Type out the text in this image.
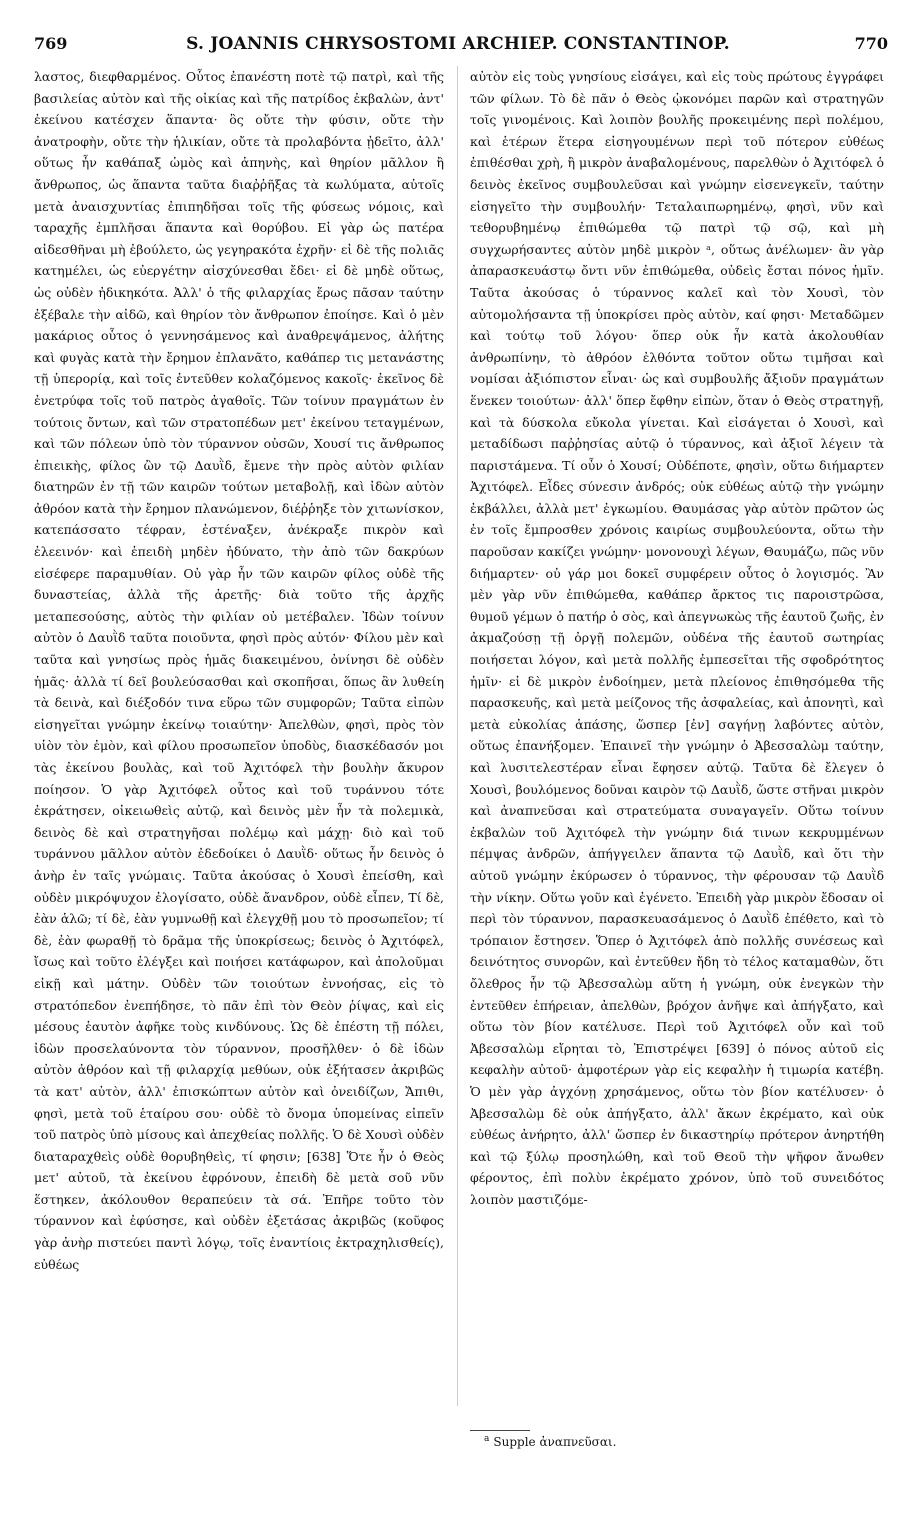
769	S. JOANNIS CHRYSOSTOMI ARCHIEP. CONSTANTINOP.	770

λαστος, διεφθαρμένος. Οὗτος ἐπανέστη ποτὲ τῷ πατρὶ, καὶ τῆς βασιλείας αὐτὸν καὶ τῆς οἰκίας καὶ τῆς πατρίδος ἐκβαλὼν, ἀντ' ἐκείνου κατέσχεν ἅπαντα· ὃς οὔτε τὴν φύσιν, οὔτε τὴν ἀνατροφὴν, οὔτε τὴν ἡλικίαν, οὔτε τὰ προλαβόντα ᾐδεῖτο, ἀλλ' οὕτως ἦν καθάπαξ ὠμὸς καὶ ἀπηνὴς, καὶ θηρίον μᾶλλον ἢ ἄνθρωπος, ὡς ἅπαντα ταῦτα διαῤῥῆξας τὰ κωλύματα, αὐτοῖς μετὰ ἀναισχυντίας ἐπιπηδῆσαι τοῖς τῆς φύσεως νόμοις, καὶ ταραχῆς ἐμπλῆσαι ἅπαντα καὶ θορύβου. Εἰ γὰρ ὡς πατέρα αἰδεσθῆναι μὴ ἐβούλετο, ὡς γεγηρακότα ἐχρῆν· εἰ δὲ τῆς πολιᾶς κατημέλει, ὡς εὐεργέτην αἰσχύνεσθαι ἔδει· εἰ δὲ μηδὲ οὕτως, ὡς οὐδὲν ἠδικηκότα. Ἀλλ' ὁ τῆς φιλαρχίας ἔρως πᾶσαν ταύτην ἐξέβαλε τὴν αἰδῶ, καὶ θηρίον τὸν ἄνθρωπον ἐποίησε. Καὶ ὁ μὲν μακάριος οὗτος ὁ γεννησάμενος καὶ ἀναθρεψάμενος, ἀλήτης καὶ φυγὰς κατὰ τὴν ἔρημον ἐπλανᾶτο, καθάπερ τις μετανάστης τῇ ὑπερορίᾳ, καὶ τοῖς ἐντεῦθεν κολαζόμενος κακοῖς· ἐκεῖνος δὲ ἐνετρύφα τοῖς τοῦ πατρὸς ἀγαθοῖς. Τῶν τοίνυν πραγμάτων ἐν τούτοις ὄντων, καὶ τῶν στρατοπέδων μετ' ἐκείνου τεταγμένων, καὶ τῶν πόλεων ὑπὸ τὸν τύραννον οὐσῶν, Χουσί τις ἄνθρωπος ἐπιεικὴς, φίλος ὢν τῷ Δαυῒδ, ἔμενε τὴν πρὸς αὐτὸν φιλίαν διατηρῶν ἐν τῇ τῶν καιρῶν τούτων μεταβολῇ, καὶ ἰδὼν αὐτὸν ἀθρόον κατὰ τὴν ἔρημον πλανώμενον, διέῤῥηξε τὸν χιτωνίσκον, κατεπάσσατο τέφραν, ἐστέναξεν, ἀνέκραξε πικρὸν καὶ ἐλεεινόν· καὶ ἐπειδὴ μηδὲν ἠδύνατο, τὴν ἀπὸ τῶν δακρύων εἰσέφερε παραμυθίαν. Οὐ γὰρ ἦν τῶν καιρῶν φίλος οὐδὲ τῆς δυναστείας, ἀλλὰ τῆς ἀρετῆς· διὰ τοῦτο τῆς ἀρχῆς μεταπεσούσης, αὐτὸς τὴν φιλίαν οὐ μετέβαλεν. Ἰδὼν τοίνυν αὐτὸν ὁ Δαυῒδ ταῦτα ποιοῦντα, φησὶ πρὸς αὐτόν· Φίλου μὲν καὶ ταῦτα καὶ γνησίως πρὸς ἡμᾶς διακειμένου, ὀνίνησι δὲ οὐδὲν ἡμᾶς· ἀλλὰ τί δεῖ βουλεύσασθαι καὶ σκοπῆσαι, ὅπως ἂν λυθείη τὰ δεινὰ, καὶ διέξοδόν τινα εὕρω τῶν συμφορῶν; Ταῦτα εἰπὼν εἰσηγεῖται γνώμην ἐκείνῳ τοιαύτην· Ἀπελθὼν, φησὶ, πρὸς τὸν υἱὸν τὸν ἐμὸν, καὶ φίλου προσωπεῖον ὑποδὺς, διασκέδασόν μοι τὰς ἐκείνου βουλὰς, καὶ τοῦ Ἀχιτόφελ τὴν βουλὴν ἄκυρον ποίησον. Ὁ γὰρ Ἀχιτόφελ οὗτος καὶ τοῦ τυράννου τότε ἐκράτησεν, οἰκειωθεὶς αὐτῷ, καὶ δεινὸς μὲν ἦν τὰ πολεμικὰ, δεινὸς δὲ καὶ στρατηγῆσαι πολέμῳ καὶ μάχῃ· διὸ καὶ τοῦ τυράννου μᾶλλον αὐτὸν ἐδεδοίκει ὁ Δαυῒδ· οὕτως ἦν δεινὸς ὁ ἀνὴρ ἐν ταῖς γνώμαις. Ταῦτα ἀκούσας ὁ Χουσὶ ἐπείσθη, καὶ οὐδὲν μικρόψυχον ἐλογίσατο, οὐδὲ ἄνανδρον, οὐδὲ εἶπεν, Τί δὲ, ἐὰν ἁλῶ; τί δὲ, ἐὰν γυμνωθῇ καὶ ἐλεγχθῇ μου τὸ προσωπεῖον; τί δὲ, ἐὰν φωραθῇ τὸ δρᾶμα τῆς ὑποκρίσεως; δεινὸς ὁ Ἀχιτόφελ, ἴσως καὶ τοῦτο ἐλέγξει καὶ ποιήσει κατάφωρον, καὶ ἀπολοῦμαι εἰκῇ καὶ μάτην. Οὐδὲν τῶν τοιούτων ἐννοήσας, εἰς τὸ στρατόπεδον ἐνεπήδησε, τὸ πᾶν ἐπὶ τὸν Θεὸν ῥίψας, καὶ εἰς μέσους ἑαυτὸν ἀφῆκε τοὺς κινδύνους. Ὡς δὲ ἐπέστη τῇ πόλει, ἰδὼν προσελαύνοντα τὸν τύραννον, προσῆλθεν· ὁ δὲ ἰδὼν αὐτὸν ἀθρόον καὶ τῇ φιλαρχίᾳ μεθύων, οὐκ ἐξήτασεν ἀκριβῶς τὰ κατ' αὐτὸν, ἀλλ' ἐπισκώπτων αὐτὸν καὶ ὀνειδίζων, Ἄπιθι, φησὶ, μετὰ τοῦ ἑταίρου σου· οὐδὲ τὸ ὄνομα ὑπομείνας εἰπεῖν τοῦ πατρὸς ὑπὸ μίσους καὶ ἀπεχθείας πολλῆς. Ὁ δὲ Χουσὶ οὐδὲν διαταραχθεὶς οὐδὲ θορυβηθεὶς, τί φησιν; [638] Ὅτε ἦν ὁ Θεὸς μετ' αὐτοῦ, τὰ ἐκείνου ἐφρόνουν, ἐπειδὴ δὲ μετὰ σοῦ νῦν ἕστηκεν, ἀκόλουθον θεραπεύειν τὰ σά. Ἐπῆρε τοῦτο τὸν τύραννον καὶ ἐφύσησε, καὶ οὐδὲν ἐξετάσας ἀκριβῶς (κοῦφος γὰρ ἀνὴρ πιστεύει παντὶ λόγῳ, τοῖς ἐναντίοις ἐκτραχηλισθείς), εὐθέως

αὐτὸν εἰς τοὺς γνησίους εἰσάγει, καὶ εἰς τοὺς πρώτους ἐγγράφει τῶν φίλων. Τὸ δὲ πᾶν ὁ Θεὸς ᾠκονόμει παρῶν καὶ στρατηγῶν τοῖς γινομένοις. Καὶ λοιπὸν βουλῆς προκειμένης περὶ πολέμου, καὶ ἑτέρων ἕτερα εἰσηγουμένων περὶ τοῦ πότερον εὐθέως ἐπιθέσθαι χρὴ, ἢ μικρὸν ἀναβαλομένους, παρελθὼν ὁ Ἀχιτόφελ ὁ δεινὸς ἐκεῖνος συμβουλεῦσαι καὶ γνώμην εἰσενεγκεῖν, ταύτην εἰσηγεῖτο τὴν συμβουλήν· Τεταλαιπωρημένῳ, φησὶ, νῦν καὶ τεθορυβημένῳ ἐπιθώμεθα τῷ πατρὶ τῷ σῷ, καὶ μὴ συγχωρήσαντες αὐτὸν μηδὲ μικρὸν ᵃ, οὕτως ἀνέλωμεν· ἂν γὰρ ἀπαρασκευάστῳ ὄντι νῦν ἐπιθώμεθα, οὐδεὶς ἔσται πόνος ἡμῖν. Ταῦτα ἀκούσας ὁ τύραννος καλεῖ καὶ τὸν Χουσὶ, τὸν αὐτομολήσαντα τῇ ὑποκρίσει πρὸς αὐτὸν, καί φησι· Μεταδῶμεν καὶ τούτῳ τοῦ λόγου· ὅπερ οὐκ ἦν κατὰ ἀκολουθίαν ἀνθρωπίνην, τὸ ἀθρόον ἐλθόντα τοῦτον οὕτω τιμῆσαι καὶ νομίσαι ἀξιόπιστον εἶναι· ὡς καὶ συμβουλῆς ἄξιοῦν πραγμάτων ἕνεκεν τοιούτων· ἀλλ' ὅπερ ἔφθην εἰπὼν, ὅταν ὁ Θεὸς στρατηγῇ, καὶ τὰ δύσκολα εὔκολα γίνεται. Καὶ εἰσάγεται ὁ Χουσὶ, καὶ μεταδίδωσι παῤῥησίας αὐτῷ ὁ τύραννος, καὶ ἀξιοῖ λέγειν τὰ παριστάμενα. Τί οὖν ὁ Χουσί; Οὐδέποτε, φησὶν, οὕτω διήμαρτεν Ἀχιτόφελ. Εἶδες σύνεσιν ἀνδρός; οὐκ εὐθέως αὐτῷ τὴν γνώμην ἐκβάλλει, ἀλλὰ μετ' ἐγκωμίου. Θαυμάσας γὰρ αὐτὸν πρῶτον ὡς ἐν τοῖς ἔμπροσθεν χρόνοις καιρίως συμβουλεύοντα, οὕτω τὴν παροῦσαν κακίζει γνώμην· μονονουχὶ λέγων, Θαυμάζω, πῶς νῦν διήμαρτεν· οὐ γάρ μοι δοκεῖ συμφέρειν οὗτος ὁ λογισμός. Ἂν μὲν γὰρ νῦν ἐπιθώμεθα, καθάπερ ἄρκτος τις παροιστρῶσα, θυμοῦ γέμων ὁ πατήρ ὁ σὸς, καὶ ἀπεγνωκὼς τῆς ἑαυτοῦ ζωῆς, ἐν ἀκμαζούσῃ τῇ ὀργῇ πολεμῶν, οὐδένα τῆς ἑαυτοῦ σωτηρίας ποιήσεται λόγον, καὶ μετὰ πολλῆς ἐμπεσεῖται τῆς σφοδρότητος ἡμῖν· εἰ δὲ μικρὸν ἐνδοίημεν, μετὰ πλείονος ἐπιθησόμεθα τῆς παρασκευῆς, καὶ μετὰ μείζονος τῆς ἀσφαλείας, καὶ ἀπονητὶ, καὶ μετὰ εὐκολίας ἁπάσης, ὥσπερ [ἐν] σαγήνῃ λαβόντες αὐτὸν, οὕτως ἐπανήξομεν. Ἐπαινεῖ τὴν γνώμην ὁ Ἀβεσσαλὼμ ταύτην, καὶ λυσιτελεστέραν εἶναι ἔφησεν αὐτῷ. Ταῦτα δὲ ἔλεγεν ὁ Χουσὶ, βουλόμενος δοῦναι καιρὸν τῷ Δαυῒδ, ὥστε στῆναι μικρὸν καὶ ἀναπνεῦσαι καὶ στρατεύματα συναγαγεῖν. Οὕτω τοίνυν ἐκβαλὼν τοῦ Ἀχιτόφελ τὴν γνώμην διά τινων κεκρυμμένων πέμψας ἀνδρῶν, ἀπήγγειλεν ἅπαντα τῷ Δαυῒδ, καὶ ὅτι τὴν αὐτοῦ γνώμην ἐκύρωσεν ὁ τύραννος, τὴν φέρουσαν τῷ Δαυῒδ τὴν νίκην. Οὕτω γοῦν καὶ ἐγένετο. Ἐπειδὴ γὰρ μικρὸν ἔδοσαν οἱ περὶ τὸν τύραννον, παρασκευασάμενος ὁ Δαυῒδ ἐπέθετο, καὶ τὸ τρόπαιον ἔστησεν. Ὅπερ ὁ Ἀχιτόφελ ἀπὸ πολλῆς συνέσεως καὶ δεινότητος συνορῶν, καὶ ἐντεῦθεν ἤδη τὸ τέλος καταμαθὼν, ὅτι ὄλεθρος ἦν τῷ Ἀβεσσαλὼμ αὕτη ἡ γνώμη, οὐκ ἐνεγκὼν τὴν ἐντεῦθεν ἐπήρειαν, ἀπελθὼν, βρόχον ἀνῆψε καὶ ἀπήγξατο, καὶ οὕτω τὸν βίον κατέλυσε. Περὶ τοῦ Ἀχιτόφελ οὖν καὶ τοῦ Ἀβεσσαλὼμ εἴρηται τὸ, Ἐπιστρέψει [639] ὁ πόνος αὐτοῦ εἰς κεφαλὴν αὐτοῦ· ἀμφοτέρων γὰρ εἰς κεφαλὴν ἡ τιμωρία κατέβη. Ὁ μὲν γὰρ ἀγχόνῃ χρησάμενος, οὕτω τὸν βίον κατέλυσεν· ὁ Ἀβεσσαλὼμ δὲ οὐκ ἀπήγξατο, ἀλλ' ἄκων ἐκρέματο, καὶ οὐκ εὐθέως ἀνήρητο, ἀλλ' ὥσπερ ἐν δικαστηρίῳ πρότερον ἀνηρτήθη καὶ τῷ ξύλῳ προσηλώθη, καὶ τοῦ Θεοῦ τὴν ψῆφον ἄνωθεν φέροντος, ἐπὶ πολὺν ἐκρέματο χρόνον, ὑπὸ τοῦ συνειδότος λοιπὸν μαστιζόμε-

$^a$ Supple ἀναπνεῦσαι.
